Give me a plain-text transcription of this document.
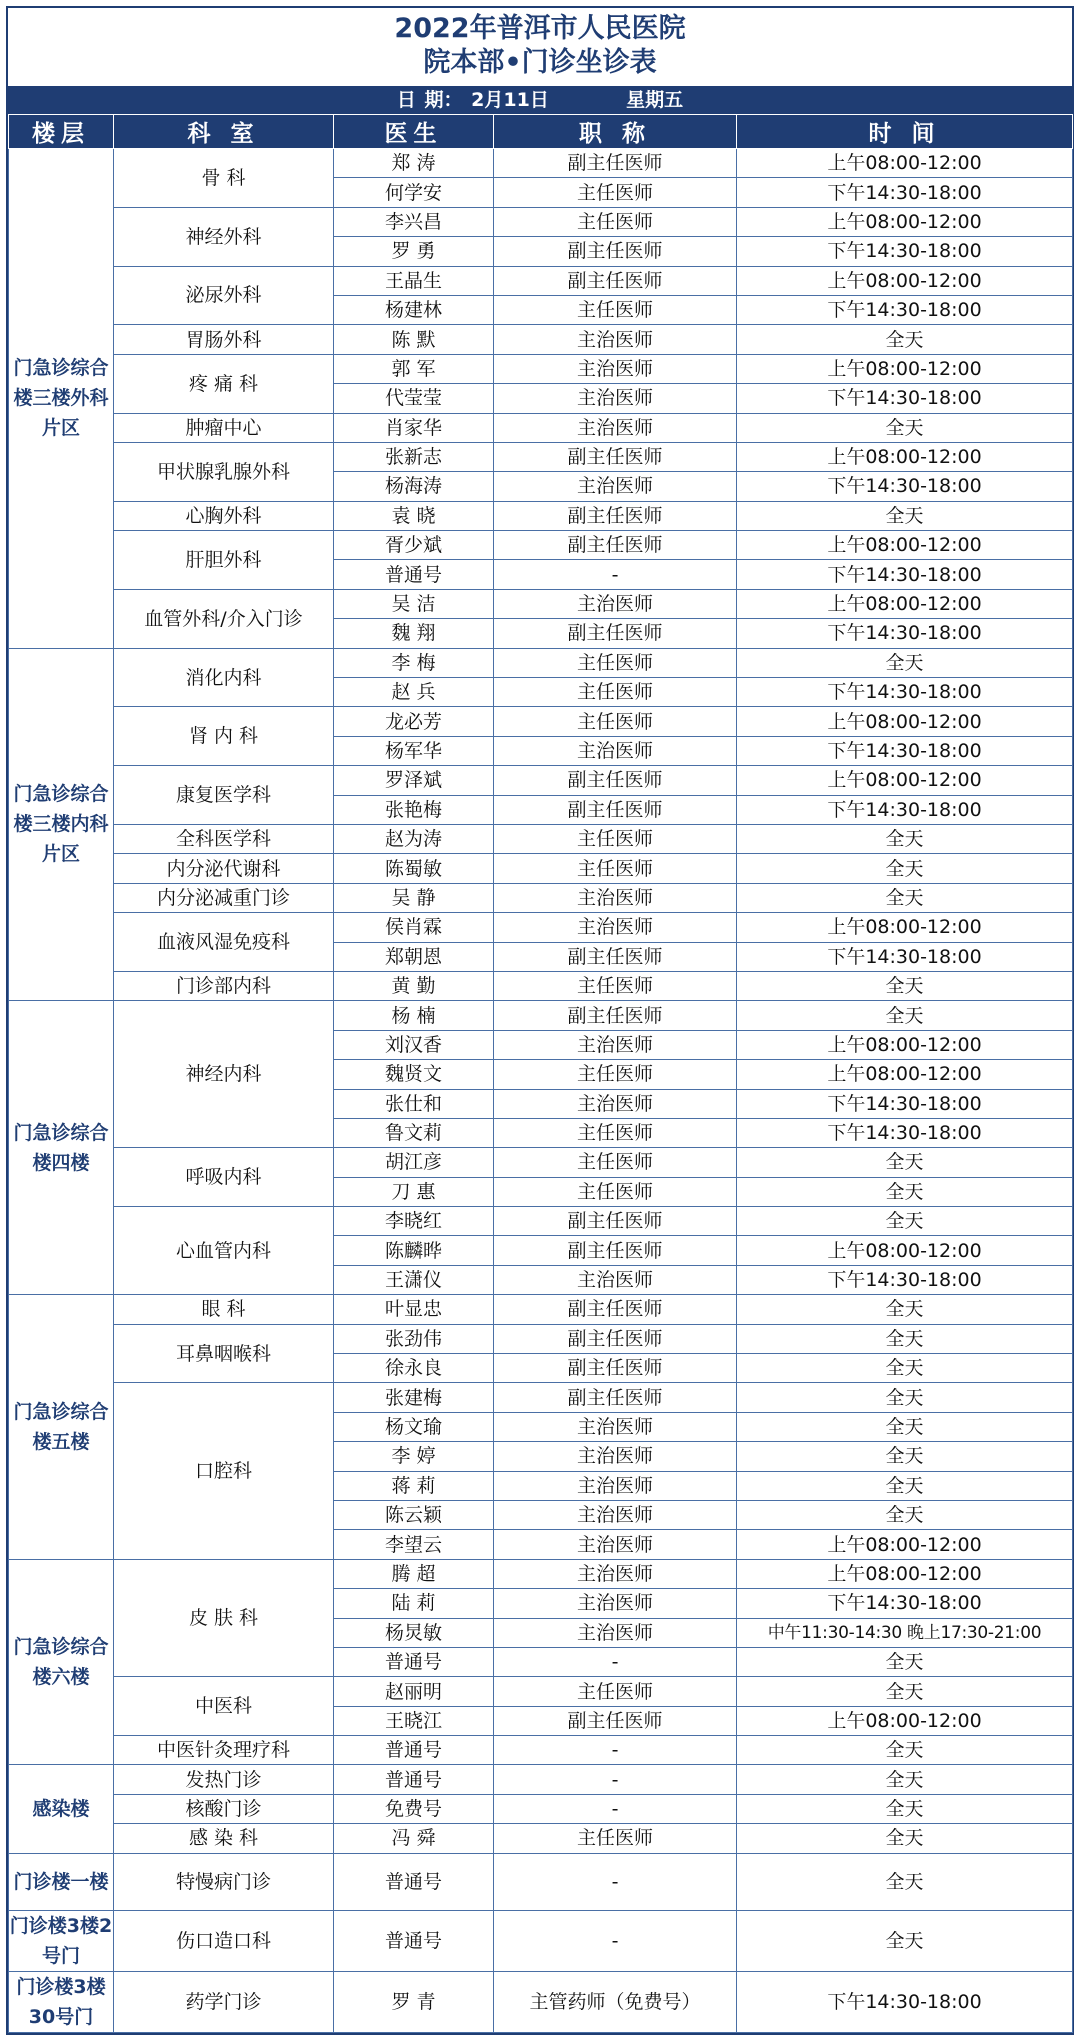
2022年普洱市人民医院
院本部•门诊坐诊表
日 期： 2月11日	星期五
楼层	科 室	医生	职 称	时 间
门急诊综合楼三楼外科片区	骨 科	郑 涛	副主任医师	上午08:00-12:00
		何学安	主任医师	下午14:30-18:00
	神经外科	李兴昌	主任医师	上午08:00-12:00
		罗 勇	副主任医师	下午14:30-18:00
	泌尿外科	王晶生	副主任医师	上午08:00-12:00
		杨建林	主任医师	下午14:30-18:00
	胃肠外科	陈 默	主治医师	全天
	疼 痛 科	郭 军	主治医师	上午08:00-12:00
		代莹莹	主治医师	下午14:30-18:00
	肿瘤中心	肖家华	主治医师	全天
	甲状腺乳腺外科	张新志	副主任医师	上午08:00-12:00
		杨海涛	主治医师	下午14:30-18:00
	心胸外科	袁 晓	副主任医师	全天
	肝胆外科	胥少斌	副主任医师	上午08:00-12:00
		普通号	-	下午14:30-18:00
	血管外科/介入门诊	吴 洁	主治医师	上午08:00-12:00
		魏 翔	副主任医师	下午14:30-18:00
门急诊综合楼三楼内科片区	消化内科	李 梅	主任医师	全天
		赵 兵	主任医师	下午14:30-18:00
	肾 内 科	龙必芳	主任医师	上午08:00-12:00
		杨军华	主治医师	下午14:30-18:00
	康复医学科	罗泽斌	副主任医师	上午08:00-12:00
		张艳梅	副主任医师	下午14:30-18:00
	全科医学科	赵为涛	主任医师	全天
	内分泌代谢科	陈蜀敏	主任医师	全天
	内分泌减重门诊	吴 静	主治医师	全天
	血液风湿免疫科	侯肖霖	主治医师	上午08:00-12:00
		郑朝恩	副主任医师	下午14:30-18:00
	门诊部内科	黄 勤	主任医师	全天
门急诊综合楼四楼	神经内科	杨 楠	副主任医师	全天
		刘汉香	主治医师	上午08:00-12:00
		魏贤文	主任医师	上午08:00-12:00
		张仕和	主治医师	下午14:30-18:00
		鲁文莉	主任医师	下午14:30-18:00
	呼吸内科	胡江彦	主任医师	全天
		刀 惠	主任医师	全天
	心血管内科	李晓红	副主任医师	全天
		陈麟晔	副主任医师	上午08:00-12:00
		王潇仪	主治医师	下午14:30-18:00
门急诊综合楼五楼	眼 科	叶显忠	副主任医师	全天
	耳鼻咽喉科	张劲伟	副主任医师	全天
		徐永良	副主任医师	全天
	口腔科	张建梅	副主任医师	全天
		杨文瑜	主治医师	全天
		李 婷	主治医师	全天
		蒋 莉	主治医师	全天
		陈云颖	主治医师	全天
		李望云	主治医师	上午08:00-12:00
门急诊综合楼六楼	皮 肤 科	腾 超	主治医师	上午08:00-12:00
		陆 莉	主治医师	下午14:30-18:00
		杨炅敏	主治医师	中午11:30-14:30 晚上17:30-21:00
		普通号	-	全天
	中医科	赵丽明	主任医师	全天
		王晓江	副主任医师	上午08:00-12:00
	中医针灸理疗科	普通号	-	全天
感染楼	发热门诊	普通号	-	全天
	核酸门诊	免费号	-	全天
	感 染 科	冯 舜	主任医师	全天
门诊楼一楼	特慢病门诊	普通号	-	全天
门诊楼3楼2号门	伤口造口科	普通号	-	全天
门诊楼3楼30号门	药学门诊	罗 青	主管药师（免费号）	下午14:30-18:00
